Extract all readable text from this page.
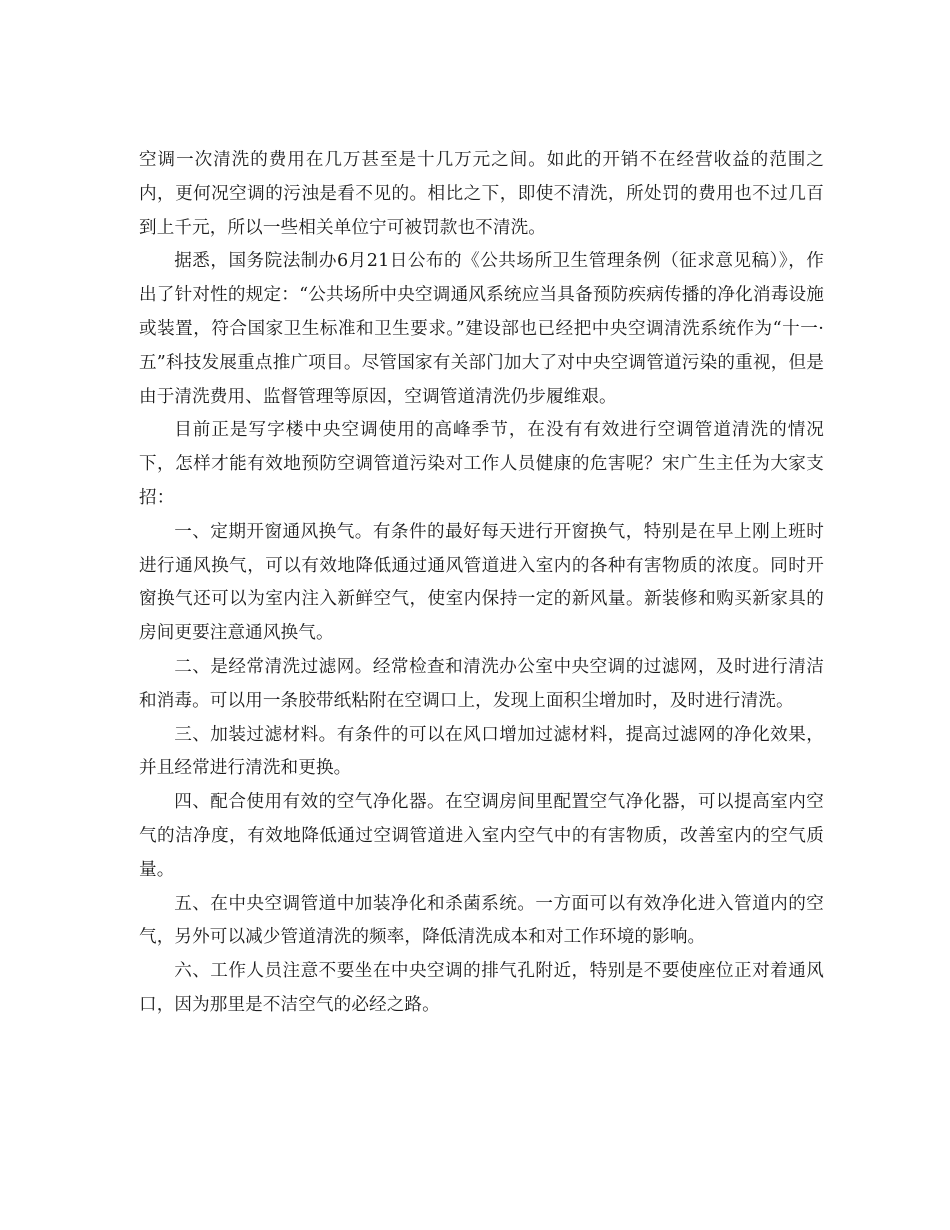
空调一次清洗的费用在几万甚至是十几万元之间。如此的开销不在经营收益的范围之内，更何况空调的污浊是看不见的。相比之下，即使不清洗，所处罚的费用也不过几百到上千元，所以一些相关单位宁可被罚款也不清洗。

据悉，国务院法制办6月21日公布的《公共场所卫生管理条例（征求意见稿）》，作出了针对性的规定：“公共场所中央空调通风系统应当具备预防疾病传播的净化消毒设施或装置，符合国家卫生标准和卫生要求。”建设部也已经把中央空调清洗系统作为“十一·五”科技发展重点推广项目。尽管国家有关部门加大了对中央空调管道污染的重视，但是由于清洗费用、监督管理等原因，空调管道清洗仍步履维艰。

目前正是写字楼中央空调使用的高峰季节，在没有有效进行空调管道清洗的情况下，怎样才能有效地预防空调管道污染对工作人员健康的危害呢？宋广生主任为大家支招：

一、定期开窗通风换气。有条件的最好每天进行开窗换气，特别是在早上刚上班时进行通风换气，可以有效地降低通过通风管道进入室内的各种有害物质的浓度。同时开窗换气还可以为室内注入新鲜空气，使室内保持一定的新风量。新装修和购买新家具的房间更要注意通风换气。

二、是经常清洗过滤网。经常检查和清洗办公室中央空调的过滤网，及时进行清洁和消毒。可以用一条胶带纸粘附在空调口上，发现上面积尘增加时，及时进行清洗。

三、加装过滤材料。有条件的可以在风口增加过滤材料，提高过滤网的净化效果，并且经常进行清洗和更换。

四、配合使用有效的空气净化器。在空调房间里配置空气净化器，可以提高室内空气的洁净度，有效地降低通过空调管道进入室内空气中的有害物质，改善室内的空气质量。

五、在中央空调管道中加装净化和杀菌系统。一方面可以有效净化进入管道内的空气，另外可以减少管道清洗的频率，降低清洗成本和对工作环境的影响。

六、工作人员注意不要坐在中央空调的排气孔附近，特别是不要使座位正对着通风口，因为那里是不洁空气的必经之路。
